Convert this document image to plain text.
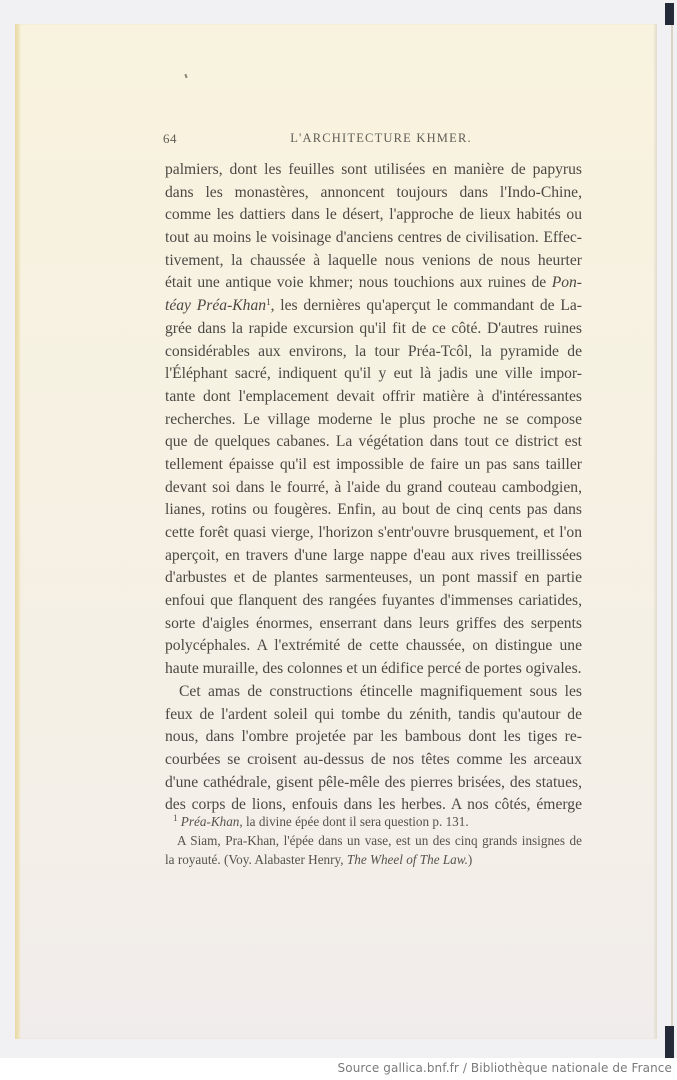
64	L'ARCHITECTURE KHMER.
palmiers, dont les feuilles sont utilisées en manière de papyrus
dans les monastères, annoncent toujours dans l'Indo-Chine,
comme les dattiers dans le désert, l'approche de lieux habités ou
tout au moins le voisinage d'anciens centres de civilisation. Effec-
tivement, la chaussée à laquelle nous venions de nous heurter
était une antique voie khmer; nous touchions aux ruines de Pon-
téay Préa-Khan$^1$, les dernières qu'aperçut le commandant de La-
grée dans la rapide excursion qu'il fit de ce côté. D'autres ruines
considérables aux environs, la tour Préa-Tcôl, la pyramide de
l'Éléphant sacré, indiquent qu'il y eut là jadis une ville impor-
tante dont l'emplacement devait offrir matière à d'intéressantes
recherches. Le village moderne le plus proche ne se compose
que de quelques cabanes. La végétation dans tout ce district est
tellement épaisse qu'il est impossible de faire un pas sans tailler
devant soi dans le fourré, à l'aide du grand couteau cambodgien,
lianes, rotins ou fougères. Enfin, au bout de cinq cents pas dans
cette forêt quasi vierge, l'horizon s'entr'ouvre brusquement, et l'on
aperçoit, en travers d'une large nappe d'eau aux rives treillissées
d'arbustes et de plantes sarmenteuses, un pont massif en partie
enfoui que flanquent des rangées fuyantes d'immenses cariatides,
sorte d'aigles énormes, enserrant dans leurs griffes des serpents
polycéphales. A l'extrémité de cette chaussée, on distingue une
haute muraille, des colonnes et un édifice percé de portes ogivales.
Cet amas de constructions étincelle magnifiquement sous les
feux de l'ardent soleil qui tombe du zénith, tandis qu'autour de
nous, dans l'ombre projetée par les bambous dont les tiges re-
courbées se croisent au-dessus de nos têtes comme les arceaux
d'une cathédrale, gisent pêle-mêle des pierres brisées, des statues,
des corps de lions, enfouis dans les herbes. A nos côtés, émerge
$^1$ Préa-Khan, la divine épée dont il sera question p. 131.
A Siam, Pra-Khan, l'épée dans un vase, est un des cinq grands insignes de
la royauté. (Voy. Alabaster Henry, The Wheel of The Law.)
Source gallica.bnf.fr / Bibliothèque nationale de France
